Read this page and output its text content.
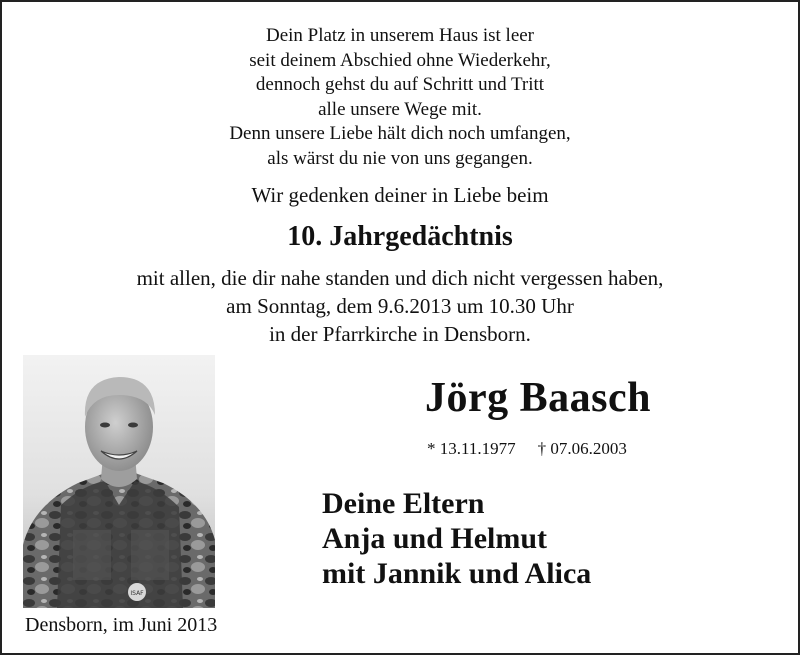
Dein Platz in unserem Haus ist leer
seit deinem Abschied ohne Wiederkehr,
dennoch gehst du auf Schritt und Tritt
alle unsere Wege mit.
Denn unsere Liebe hält dich noch umfangen,
als wärst du nie von uns gegangen.
Wir gedenken deiner in Liebe beim
10. Jahrgedächtnis
mit allen, die dir nahe standen und dich nicht vergessen haben,
am Sonntag, dem 9.6.2013 um 10.30 Uhr
in der Pfarrkirche in Densborn.
ISAF
Densborn, im Juni 2013
Jörg Baasch
* 13.11.1977 † 07.06.2003
Deine Eltern
Anja und Helmut
mit Jannik und Alica
